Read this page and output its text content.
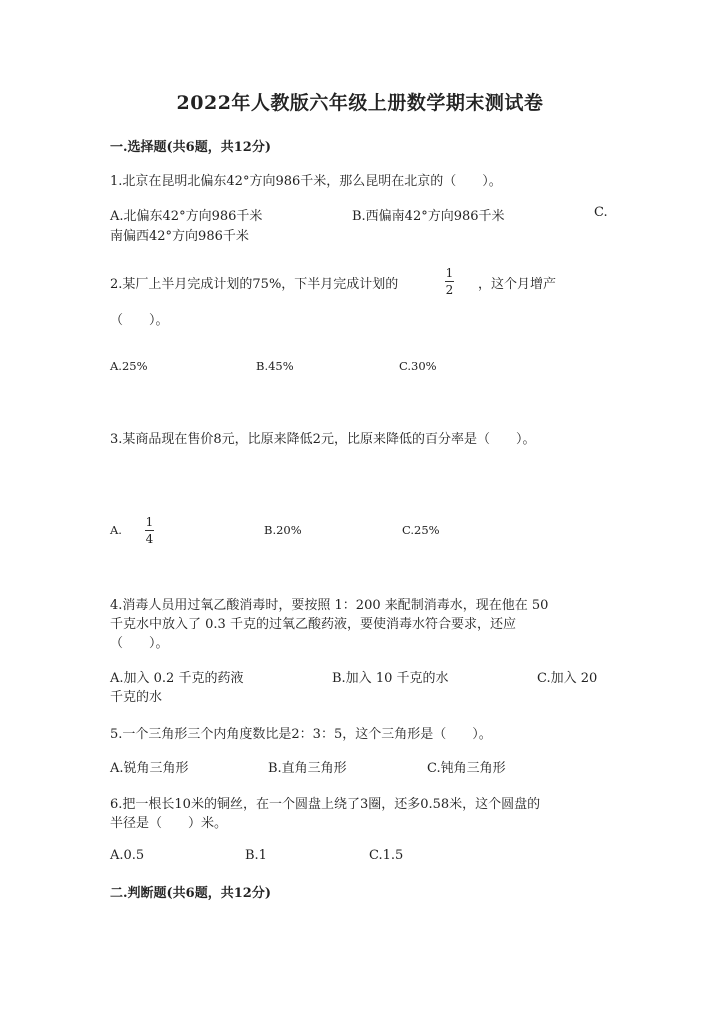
2022年人教版六年级上册数学期末测试卷
一.选择题(共6题，共12分)
1.北京在昆明北偏东42°方向986千米，那么昆明在北京的（　　）。
A.北偏东42°方向986千米	B.西偏南42°方向986千米	C.
南偏西42°方向986千米
2.某厂上半月完成计划的75%，下半月完成计划的
1
2 ，这个月增产
（　　）。
A.25%	B.45%	C.30%
3.某商品现在售价8元，比原来降低2元，比原来降低的百分率是（　　）。
A.
1
4
B.20%	C.25%
4.消毒人员用过氧乙酸消毒时，要按照 1：200 来配制消毒水，现在他在 50
千克水中放入了 0.3 千克的过氧乙酸药液，要使消毒水符合要求，还应
（　　）。
A.加入 0.2 千克的药液	B.加入 10 千克的水	C.加入 20
千克的水
5.一个三角形三个内角度数比是2：3：5，这个三角形是（　　）。
A.锐角三角形	B.直角三角形	C.钝角三角形
6.把一根长10米的铜丝，在一个圆盘上绕了3圈，还多0.58米，这个圆盘的
半径是（　　）米。
A.0.5	B.1	C.1.5
二.判断题(共6题，共12分)
